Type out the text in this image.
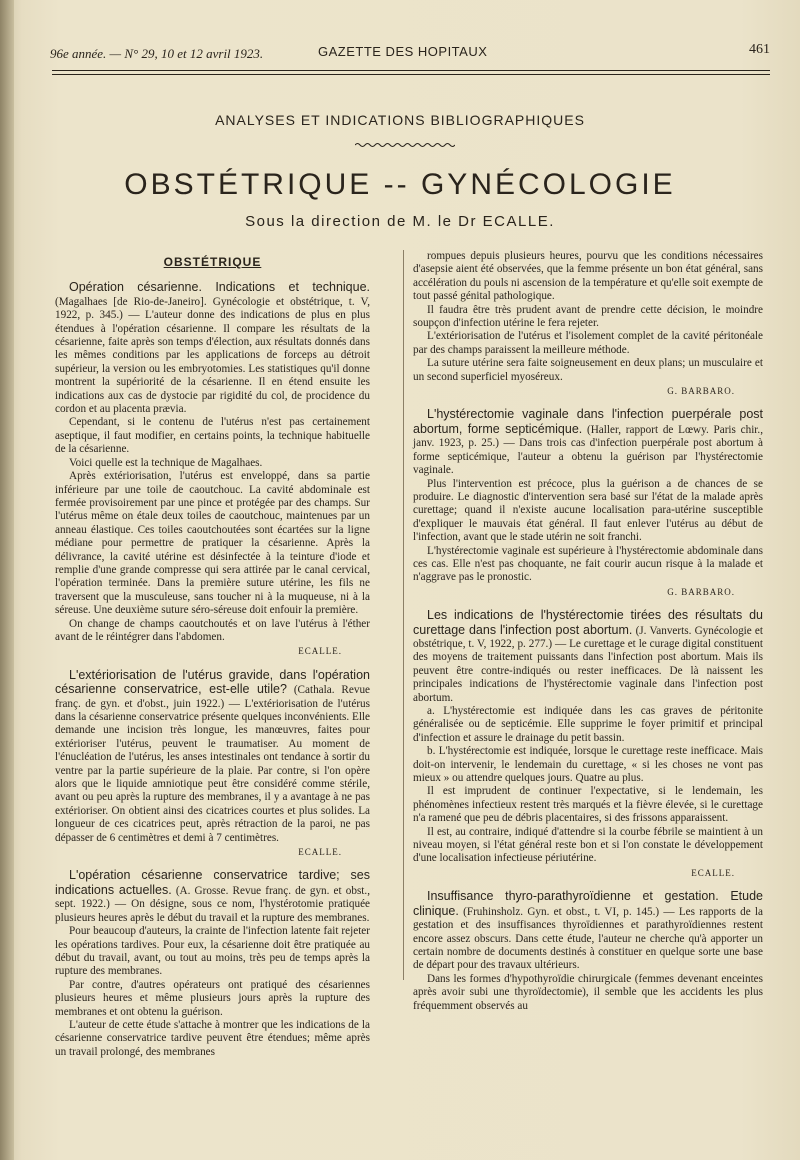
96e année. — N° 29, 10 et 12 avril 1923.	GAZETTE DES HOPITAUX	461
ANALYSES ET INDICATIONS BIBLIOGRAPHIQUES
OBSTÉTRIQUE -- GYNÉCOLOGIE
Sous la direction de M. le Dr ECALLE.
OBSTÉTRIQUE

Opération césarienne. Indications et technique. (Magalhaes [de Rio-de-Janeiro]. Gynécologie et obstétrique, t. V, 1922, p. 345.) — L'auteur donne des indications de plus en plus étendues à l'opération césarienne. Il compare les résultats de la césarienne, faite après son temps d'élection, aux résultats donnés dans les mêmes conditions par les applications de forceps au détroit supérieur, la version ou les embryotomies. Les statistiques qu'il donne montrent la supériorité de la césarienne. Il en étend ensuite les indications aux cas de dystocie par rigidité du col, de procidence du cordon et au placenta prævia.

Cependant, si le contenu de l'utérus n'est pas certainement aseptique, il faut modifier, en certains points, la technique habituelle de la césarienne.

Voici quelle est la technique de Magalhaes.

Après extériorisation, l'utérus est enveloppé, dans sa partie inférieure par une toile de caoutchouc. La cavité abdominale est fermée provisoirement par une pince et protégée par des champs. Sur l'utérus même on étale deux toiles de caoutchouc, maintenues par un anneau élastique. Ces toiles caoutchoutées sont écartées sur la ligne médiane pour permettre de pratiquer la césarienne. Après la délivrance, la cavité utérine est désinfectée à la teinture d'iode et remplie d'une grande compresse qui sera attirée par le canal cervical, l'opération terminée. Dans la première suture utérine, les fils ne traversent que la musculeuse, sans toucher ni à la muqueuse, ni à la séreuse. Une deuxième suture séro-séreuse doit enfouir la première.

On change de champs caoutchoutés et on lave l'utérus à l'éther avant de le réintégrer dans l'abdomen.

ECALLE.

L'extériorisation de l'utérus gravide, dans l'opération césarienne conservatrice, est-elle utile? (Cathala. Revue franç. de gyn. et d'obst., juin 1922.) — L'extériorisation de l'utérus dans la césarienne conservatrice présente quelques inconvénients. Elle demande une incision très longue, les manœuvres, faites pour extérioriser l'utérus, peuvent le traumatiser. Au moment de l'énucléation de l'utérus, les anses intestinales ont tendance à sortir du ventre par la partie supérieure de la plaie. Par contre, si l'on opère alors que le liquide amniotique peut être considéré comme stérile, avant ou peu après la rupture des membranes, il y a avantage à ne pas extérioriser. On obtient ainsi des cicatrices courtes et plus solides. La longueur de ces cicatrices peut, après rétraction de la paroi, ne pas dépasser de 6 centimètres et demi à 7 centimètres.

ECALLE.

L'opération césarienne conservatrice tardive; ses indications actuelles. (A. Grosse. Revue franç. de gyn. et obst., sept. 1922.) — On désigne, sous ce nom, l'hystérotomie pratiquée plusieurs heures après le début du travail et la rupture des membranes.

Pour beaucoup d'auteurs, la crainte de l'infection latente fait rejeter les opérations tardives. Pour eux, la césarienne doit être pratiquée au début du travail, avant, ou tout au moins, très peu de temps après la rupture des membranes.

Par contre, d'autres opérateurs ont pratiqué des césariennes plusieurs heures et même plusieurs jours après la rupture des membranes et ont obtenu la guérison.

L'auteur de cette étude s'attache à montrer que les indications de la césarienne conservatrice tardive peuvent être étendues; même après un travail prolongé, des membranes

rompues depuis plusieurs heures, pourvu que les conditions nécessaires d'asepsie aient été observées, que la femme présente un bon état général, sans accélération du pouls ni ascension de la température et qu'elle soit exempte de tout passé génital pathologique.

Il faudra être très prudent avant de prendre cette décision, le moindre soupçon d'infection utérine le fera rejeter.

L'extériorisation de l'utérus et l'isolement complet de la cavité péritonéale par des champs paraissent la meilleure méthode.

La suture utérine sera faite soigneusement en deux plans; un musculaire et un second superficiel myoséreux.

G. BARBARO.

L'hystérectomie vaginale dans l'infection puerpérale post abortum, forme septicémique. (Haller, rapport de Lœwy. Paris chir., janv. 1923, p. 25.) — Dans trois cas d'infection puerpérale post abortum à forme septicémique, l'auteur a obtenu la guérison par l'hystérectomie vaginale.

Plus l'intervention est précoce, plus la guérison a de chances de se produire. Le diagnostic d'intervention sera basé sur l'état de la malade après curettage; quand il n'existe aucune localisation para-utérine susceptible d'expliquer le mauvais état général. Il faut enlever l'utérus au début de l'infection, avant que le stade utérin ne soit franchi.

L'hystérectomie vaginale est supérieure à l'hystérectomie abdominale dans ces cas. Elle n'est pas choquante, ne fait courir aucun risque à la malade et n'aggrave pas le pronostic.

G. BARBARO.

Les indications de l'hystérectomie tirées des résultats du curettage dans l'infection post abortum. (J. Vanverts. Gynécologie et obstétrique, t. V, 1922, p. 277.) — Le curettage et le curage digital constituent des moyens de traitement puissants dans l'infection post abortum. Mais ils peuvent être contre-indiqués ou rester inefficaces. De là naissent les principales indications de l'hystérectomie vaginale dans l'infection post abortum.

a. L'hystérectomie est indiquée dans les cas graves de péritonite généralisée ou de septicémie. Elle supprime le foyer primitif et principal d'infection et assure le drainage du petit bassin.

b. L'hystérectomie est indiquée, lorsque le curettage reste inefficace. Mais doit-on intervenir, le lendemain du curettage, « si les choses ne vont pas mieux » ou attendre quelques jours. Quatre au plus.

Il est imprudent de continuer l'expectative, si le lendemain, les phénomènes infectieux restent très marqués et la fièvre élevée, si le curettage n'a ramené que peu de débris placentaires, si des frissons apparaissent.

Il est, au contraire, indiqué d'attendre si la courbe fébrile se maintient à un niveau moyen, si l'état général reste bon et si l'on constate le développement d'une localisation infectieuse périutérine.

ECALLE.

Insuffisance thyro-parathyroïdienne et gestation. Etude clinique. (Fruhinsholz. Gyn. et obst., t. VI, p. 145.) — Les rapports de la gestation et des insuffisances thyroïdiennes et parathyroïdiennes restent encore assez obscurs. Dans cette étude, l'auteur ne cherche qu'à apporter un certain nombre de documents destinés à constituer en quelque sorte une base de départ pour des travaux ultérieurs.

Dans les formes d'hypothyroïdie chirurgicale (femmes devenant enceintes après avoir subi une thyroïdectomie), il semble que les accidents les plus fréquemment observés au
